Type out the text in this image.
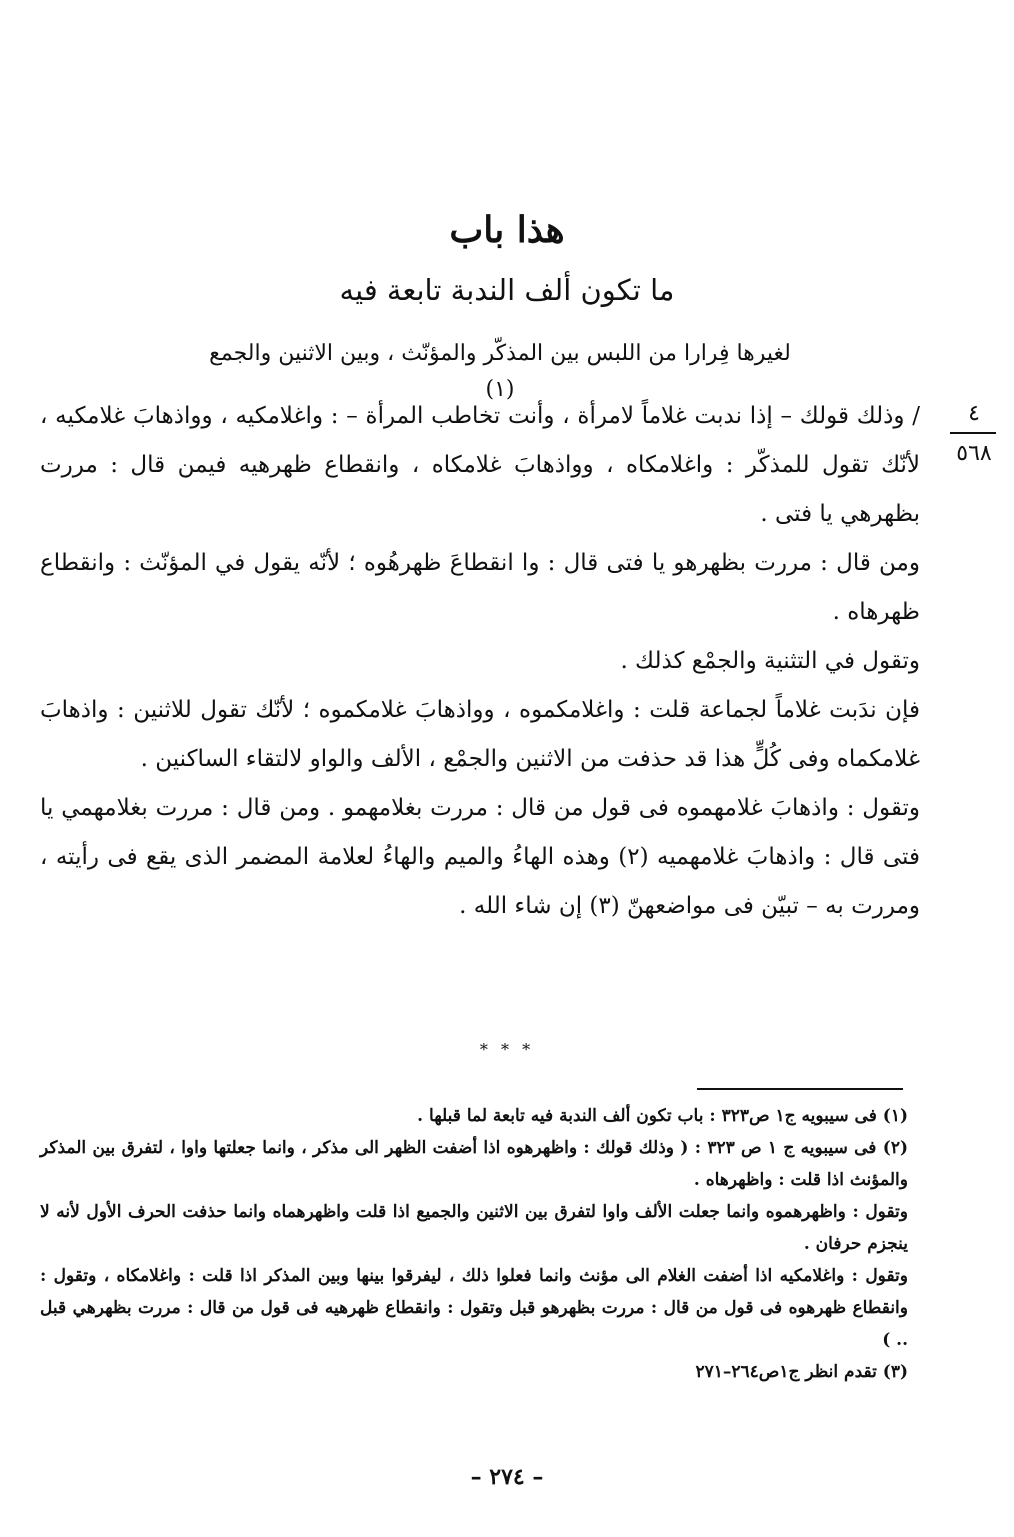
هذا باب
ما تكون ألف الندبة تابعة فيه
لغيرها فِرارا من اللبس بين المذكّر والمؤنّث ، وبين الاثنين والجمع (١)
٤
٥٦٨

/ وذلك قولك – إذا ندبت غلاماً لامرأة ، وأنت تخاطب المرأة – : واغلامكيه ، وواذهابَ غلامكيه ، لأنّك تقول للمذكّر : واغلامكاه ، وواذهابَ غلامكاه ، وانقطاع ظهرهيه فيمن قال : مررت بظهرهي يا فتى .

ومن قال : مررت بظهرهو يا فتى قال : وا انقطاعَ ظهرهُوه ؛ لأنّه يقول في المؤنّث : وانقطاع ظهرهاه .

وتقول في التثنية والجمْع كذلك .

فإن ندَبت غلاماً لجماعة قلت : واغلامكموه ، وواذهابَ غلامكموه ؛ لأنّك تقول للاثنين : واذهابَ غلامكماه وفى كُلٍّ هذا قد حذفت من الاثنين والجمْع ، الألف والواو لالتقاء الساكنين .

وتقول : واذهابَ غلامهموه فى قول من قال : مررت بغلامهمو . ومن قال : مررت بغلامهمي يا فتى قال : واذهابَ غلامهميه (٢) وهذه الهاءُ والميم والهاءُ لعلامة المضمر الذى يقع فى رأيته ، ومررت به – تبيّن فى مواضعهنّ (٣) إن شاء الله .

* * *

(١) فى سيبويه ج١ ص٣٢٣ : باب تكون ألف الندبة فيه تابعة لما قبلها .

(٢) فى سيبويه ج ١ ص ٣٢٣ : ( وذلك قولك : واظهرهوه اذا أضفت الظهر الى مذكر ، وانما جعلتها واوا ، لتفرق بين المذكر والمؤنث اذا قلت : واظهرهاه .

وتقول : واظهرهموه وانما جعلت الألف واوا لتفرق بين الاثنين والجميع اذا قلت واظهرهماه وانما حذفت الحرف الأول لأنه لا ينجزم حرفان .

وتقول : واغلامكيه اذا أضفت الغلام الى مؤنث وانما فعلوا ذلك ، ليفرقوا بينها وبين المذكر اذا قلت : واغلامكاه ، وتقول : وانقطاع ظهرهوه فى قول من قال : مررت بظهرهو قبل وتقول : وانقطاع ظهرهيه فى قول من قال : مررت بظهرهي قبل .. )

(٣) تقدم انظر ج١ص٢٦٤–٢٧١

– ٢٧٤ –
